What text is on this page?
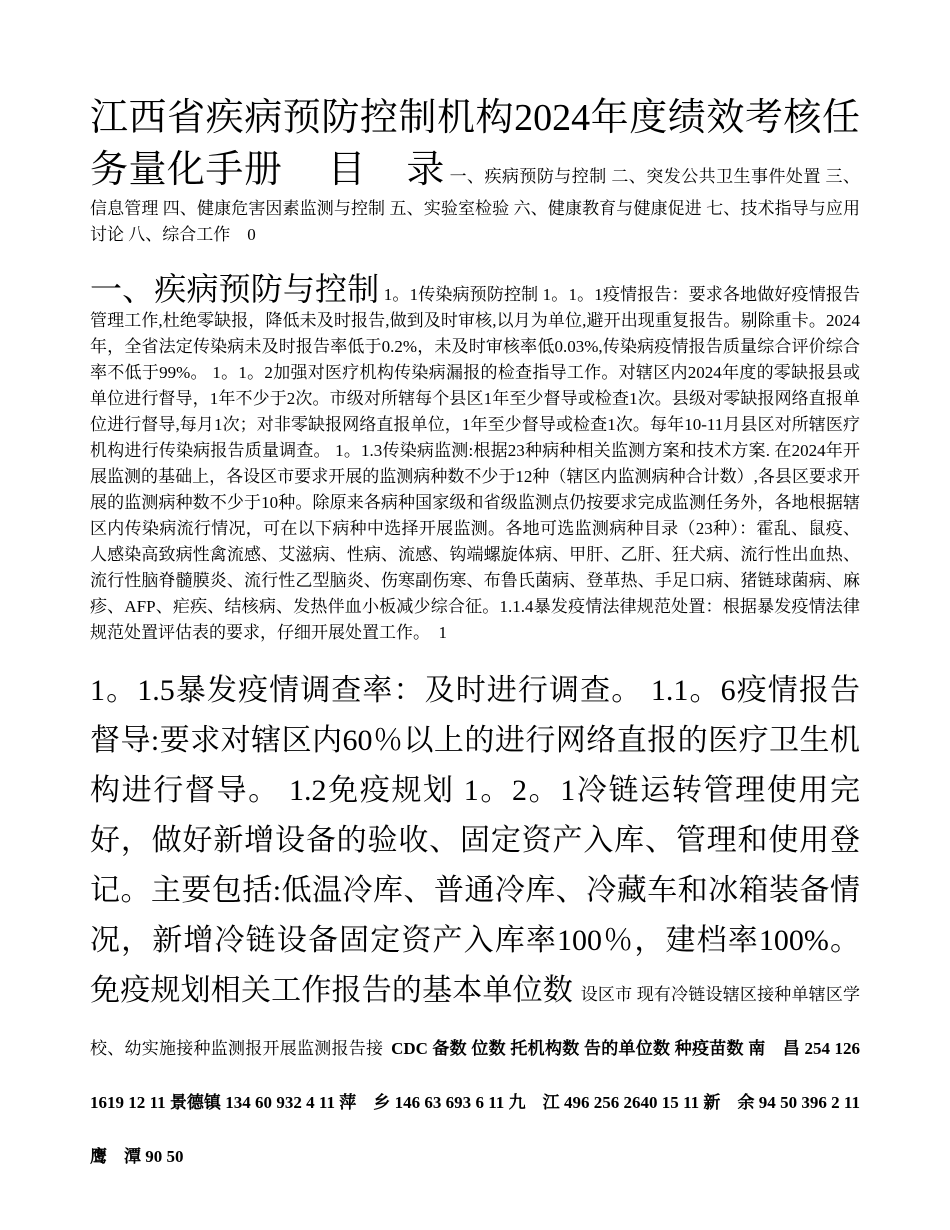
江西省疾病预防控制机构2024年度绩效考核任务量化手册 目 录 一、疾病预防与控制 二、突发公共卫生事件处置 三、信息管理 四、健康危害因素监测与控制 五、实验室检验 六、健康教育与健康促进 七、技术指导与应用讨论 八、综合工作　0
一、疾病预防与控制 1。1传染病预防控制 1。1。1疫情报告：要求各地做好疫情报告管理工作,杜绝零缺报，降低未及时报告,做到及时审核,以月为单位,避开出现重复报告。剔除重卡。2024年，全省法定传染病未及时报告率低于0.2%，未及时审核率低0.03%,传染病疫情报告质量综合评价综合率不低于99%。 1。1。2加强对医疗机构传染病漏报的检查指导工作。对辖区内2024年度的零缺报县或单位进行督导，1年不少于2次。市级对所辖每个县区1年至少督导或检查1次。县级对零缺报网络直报单位进行督导,每月1次；对非零缺报网络直报单位，1年至少督导或检查1次。每年10-11月县区对所辖医疗机构进行传染病报告质量调查。 1。1.3传染病监测:根据23种病种相关监测方案和技术方案. 在2024年开展监测的基础上，各设区市要求开展的监测病种数不少于12种（辖区内监测病种合计数）,各县区要求开展的监测病种数不少于10种。除原来各病种国家级和省级监测点仍按要求完成监测任务外，各地根据辖区内传染病流行情况，可在以下病种中选择开展监测。各地可选监测病种目录（23种）：霍乱、鼠疫、人感染高致病性禽流感、艾滋病、性病、流感、钩端螺旋体病、甲肝、乙肝、狂犬病、流行性出血热、流行性脑脊髓膜炎、流行性乙型脑炎、伤寒副伤寒、布鲁氏菌病、登革热、手足口病、猪链球菌病、麻疹、AFP、疟疾、结核病、发热伴血小板减少综合征。1.1.4暴发疫情法律规范处置：根据暴发疫情法律规范处置评估表的要求，仔细开展处置工作。　1
1。1.5暴发疫情调查率：及时进行调查。 1.1。6疫情报告督导:要求对辖区内60％以上的进行网络直报的医疗卫生机构进行督导。 1.2免疫规划 1。2。1冷链运转管理使用完好，做好新增设备的验收、固定资产入库、管理和使用登记。主要包括:低温冷库、普通冷库、冷藏车和冰箱装备情况，新增冷链设备固定资产入库率100％，建档率100%。 免疫规划相关工作报告的基本单位数 设区市 现有冷链设辖区接种单辖区学校、幼实施接种监测报开展监测报告接 CDC 备数 位数 托机构数 告的单位数 种疫苗数 南　昌 254 126 1619 12 11 景德镇 134 60 932 4 11 萍　乡 146 63 693 6 11 九　江 496 256 2640 15 11 新　余 94 50 396 2 11 鹰　潭 90 50
